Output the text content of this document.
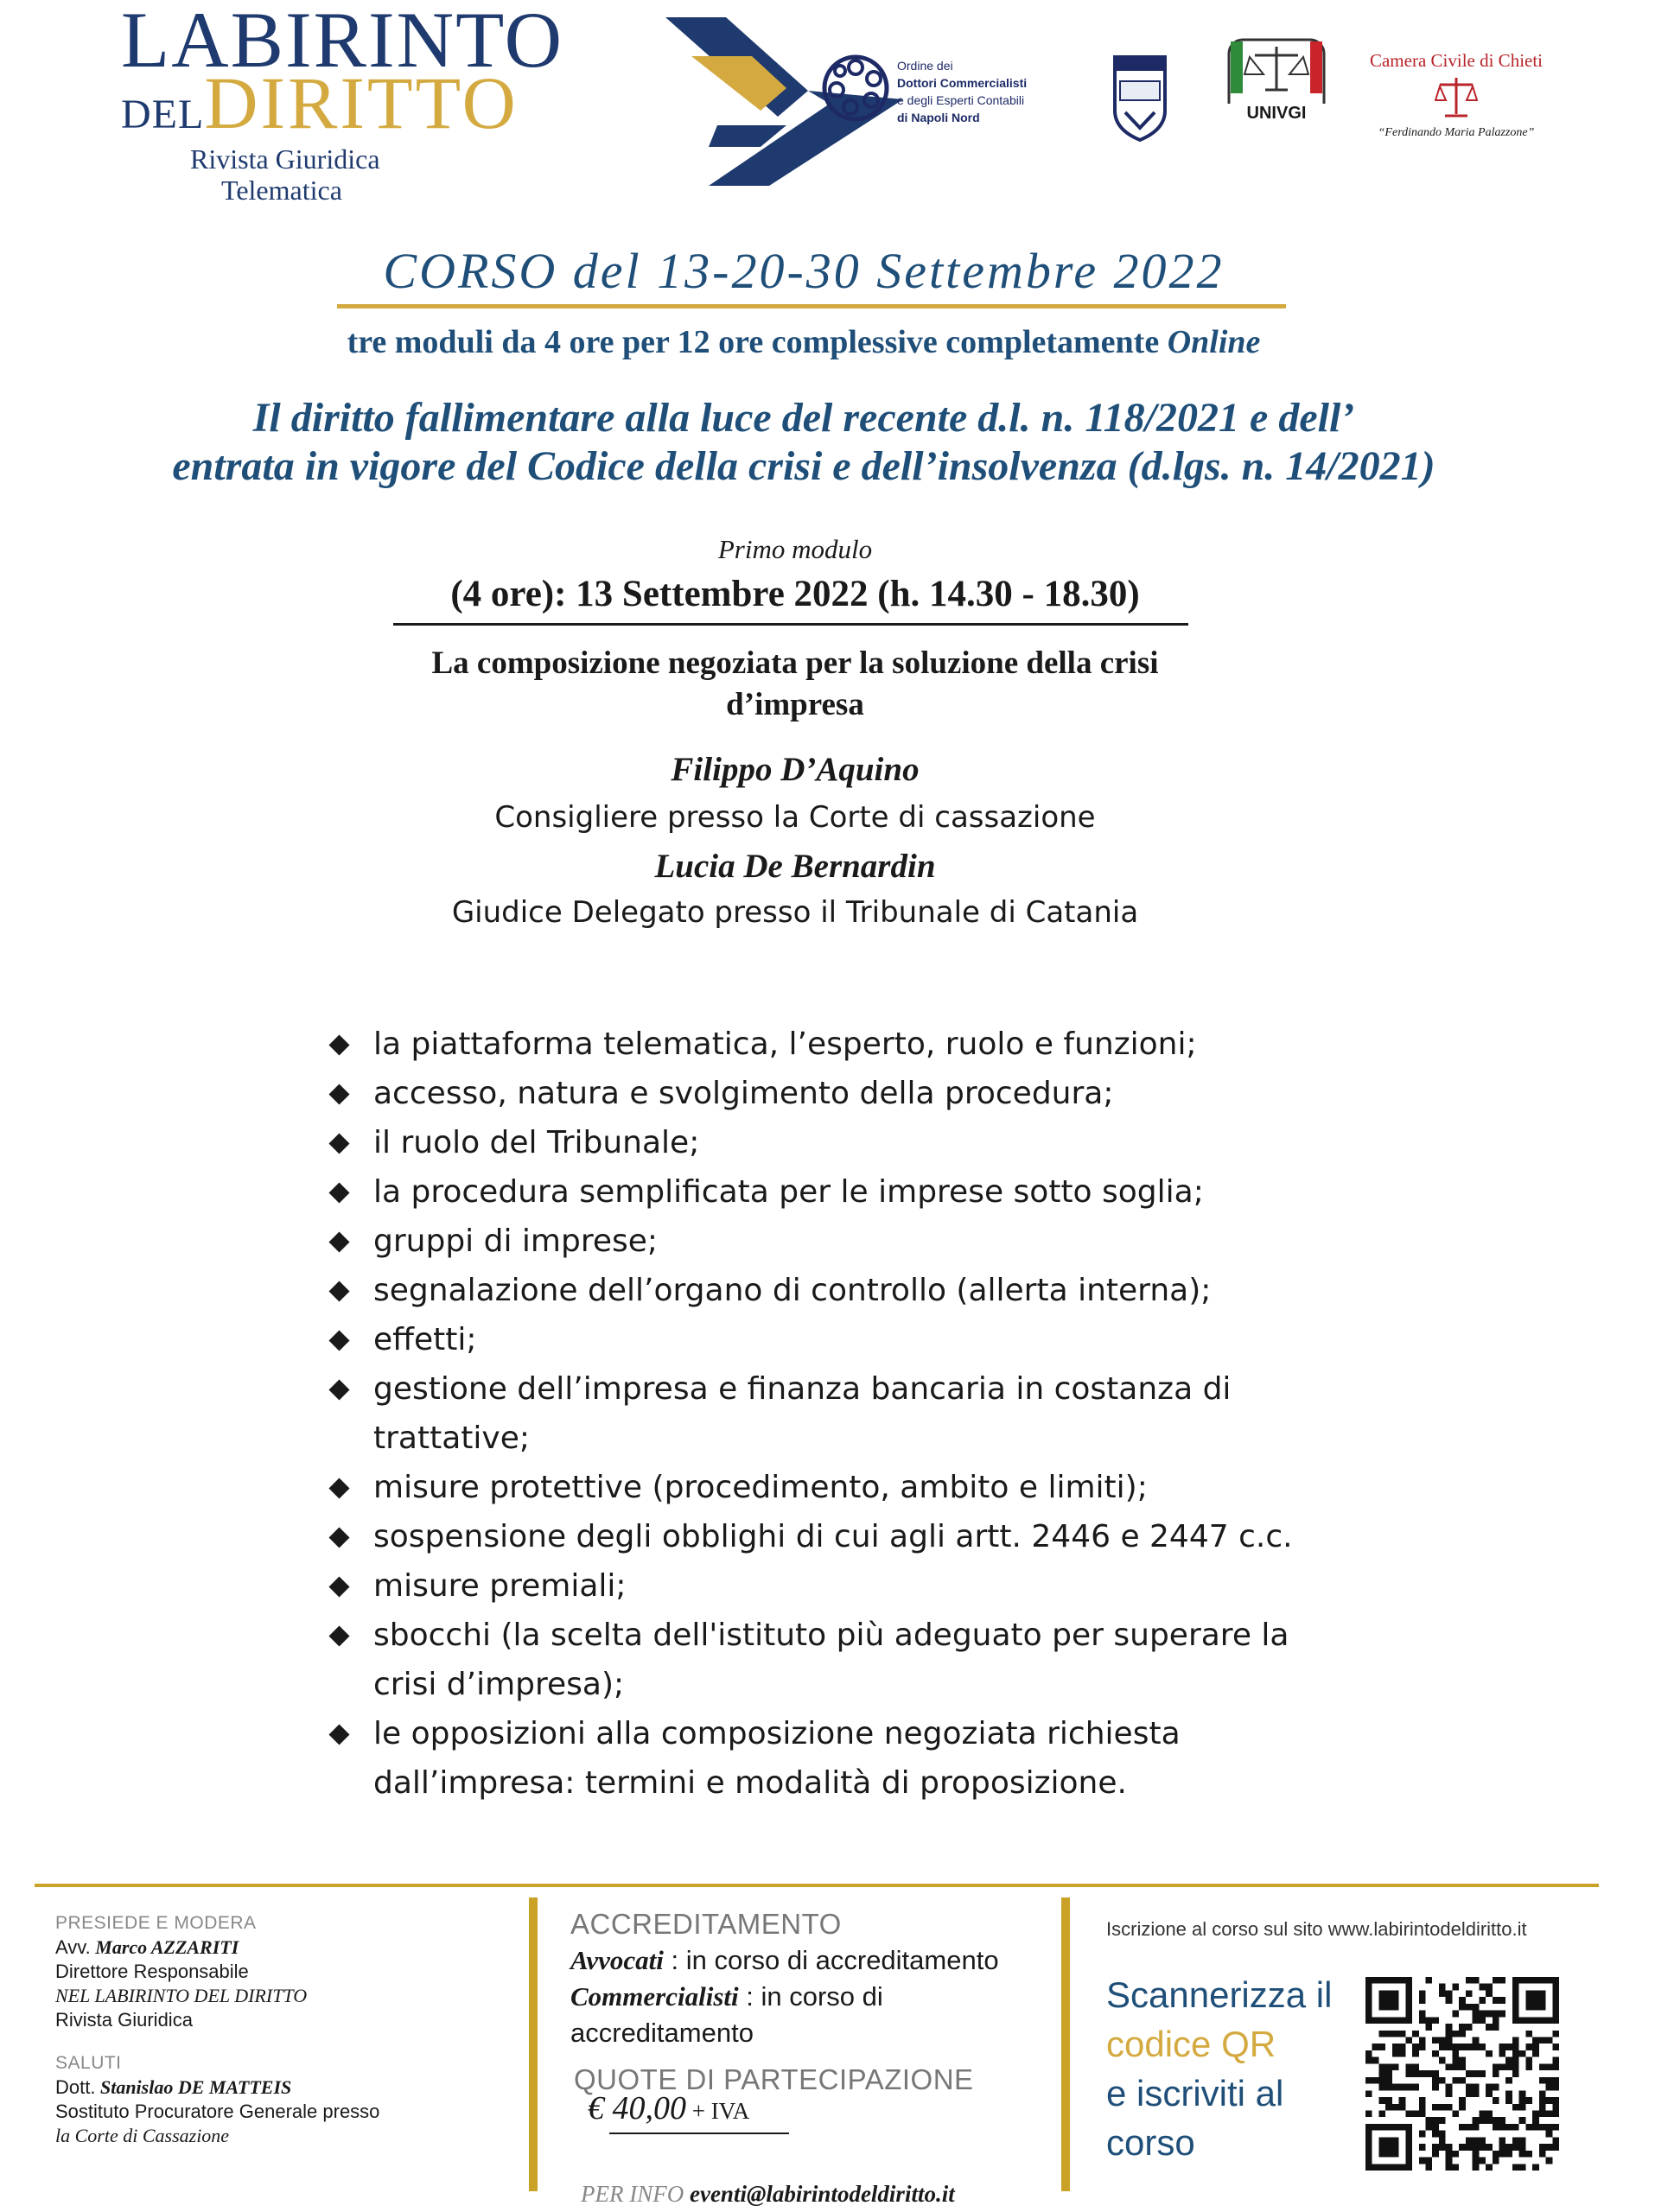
LABIRINTO
DELDIRITTO
Rivista Giuridica
Telematica
Ordine dei
Dottori Commercialisti
e degli Esperti Contabili
di Napoli Nord	UNIVGI
Camera Civile di Chieti
“Ferdinando Maria Palazzone”
CORSO del 13-20-30 Settembre 2022
tre moduli da 4 ore per 12 ore complessive completamente Online
Il diritto fallimentare alla luce del recente d.l. n. 118/2021 e dell’
entrata in vigore del Codice della crisi e dell’insolvenza (d.lgs. n. 14/2021)
Primo modulo
(4 ore): 13 Settembre 2022 (h. 14.30 - 18.30)
La composizione negoziata per la soluzione della crisi
d’impresa
Filippo D’Aquino
Consigliere presso la Corte di cassazione
Lucia De Bernardin
Giudice Delegato presso il Tribunale di Catania
la piattaforma telematica, l’esperto, ruolo e funzioni;
accesso, natura e svolgimento della procedura;
il ruolo del Tribunale;
la procedura semplificata per le imprese sotto soglia;
gruppi di imprese;
segnalazione dell’organo di controllo (allerta interna);
effetti;
gestione dell’impresa e finanza bancaria in costanza di
trattative;
misure protettive (procedimento, ambito e limiti);
sospensione degli obblighi di cui agli artt. 2446 e 2447 c.c.
misure premiali;
sbocchi (la scelta dell'istituto più adeguato per superare la
crisi d’impresa);
le opposizioni alla composizione negoziata richiesta
dall’impresa: termini e modalità di proposizione.
PRESIEDE E MODERA
Avv. Marco AZZARITI
Direttore Responsabile
NEL LABIRINTO DEL DIRITTO
Rivista Giuridica
SALUTI
Dott. Stanislao DE MATTEIS
Sostituto Procuratore Generale presso
la Corte di Cassazione
ACCREDITAMENTO
Avvocati : in corso di accreditamento
Commercialisti : in corso di
accreditamento
QUOTE DI PARTECIPAZIONE
€ 40,00 + IVA
PER INFO eventi@labirintodeldiritto.it
Iscrizione al corso sul sito www.labirintodeldiritto.it
Scannerizza il
codice QR
e iscriviti al
corso
